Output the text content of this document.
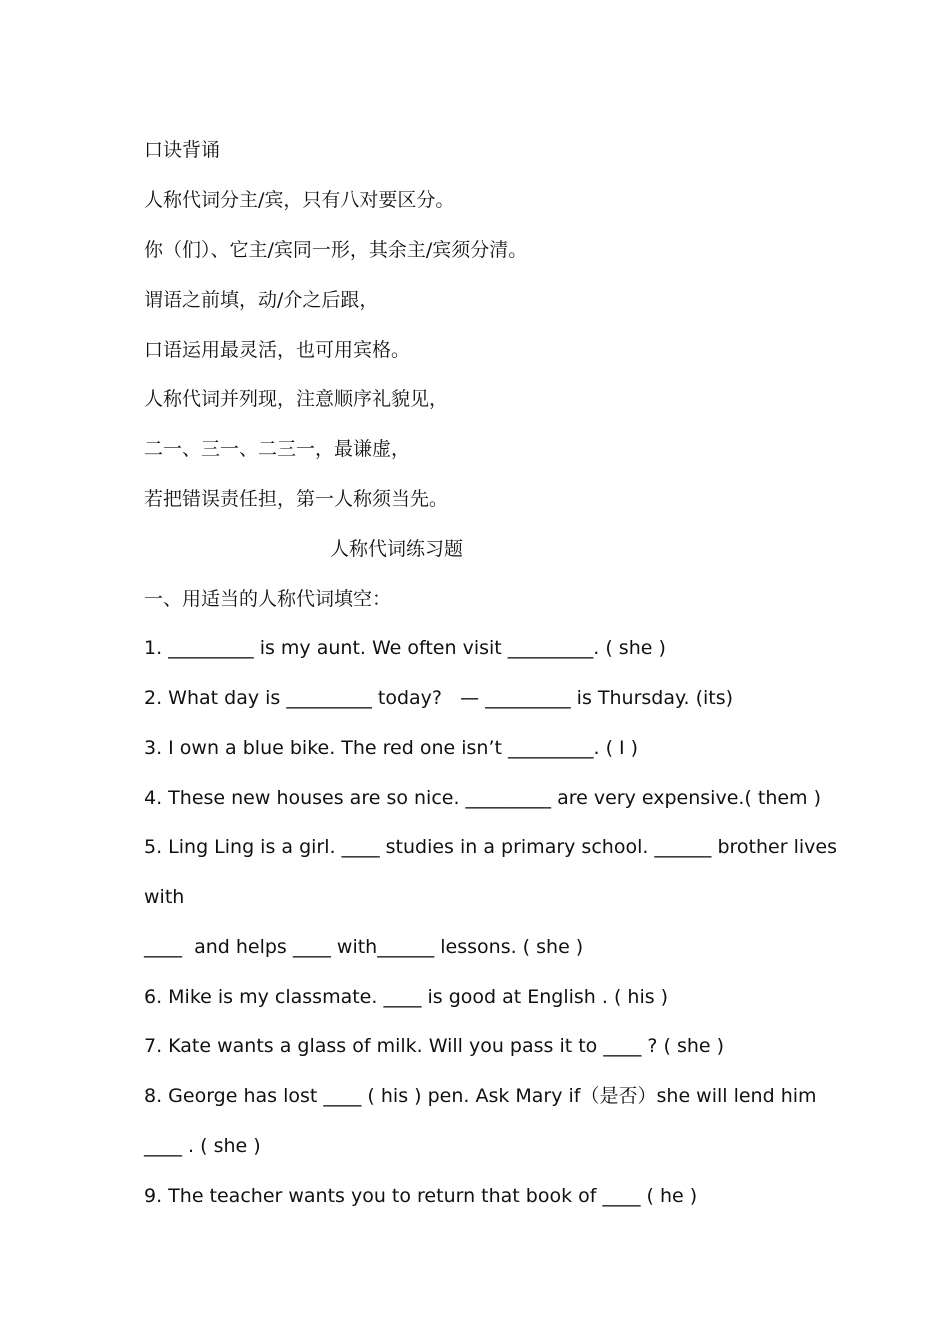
口诀背诵
人称代词分主/宾，只有八对要区分。
你（们）、它主/宾同一形，其余主/宾须分清。
谓语之前填，动/介之后跟，
口语运用最灵活，也可用宾格。
人称代词并列现，注意顺序礼貌见，
二一、三一、二三一，最谦虚，
若把错误责任担，第一人称须当先。
人称代词练习题
一、用适当的人称代词填空：
1. _________ is my aunt. We often visit _________. ( she )
2. What day is _________ today?   — _________ is Thursday. (its)
3. I own a blue bike. The red one isn’t _________. ( I )
4. These new houses are so nice. _________ are very expensive.( them )
5. Ling Ling is a girl. ____ studies in a primary school. ______ brother lives
with
____  and helps ____ with______ lessons. ( she )
6. Mike is my classmate. ____ is good at English . ( his )
7. Kate wants a glass of milk. Will you pass it to ____ ? ( she )
8. George has lost ____ ( his ) pen. Ask Mary if（是否）she will lend him
____ . ( she )
9. The teacher wants you to return that book of ____ ( he )
